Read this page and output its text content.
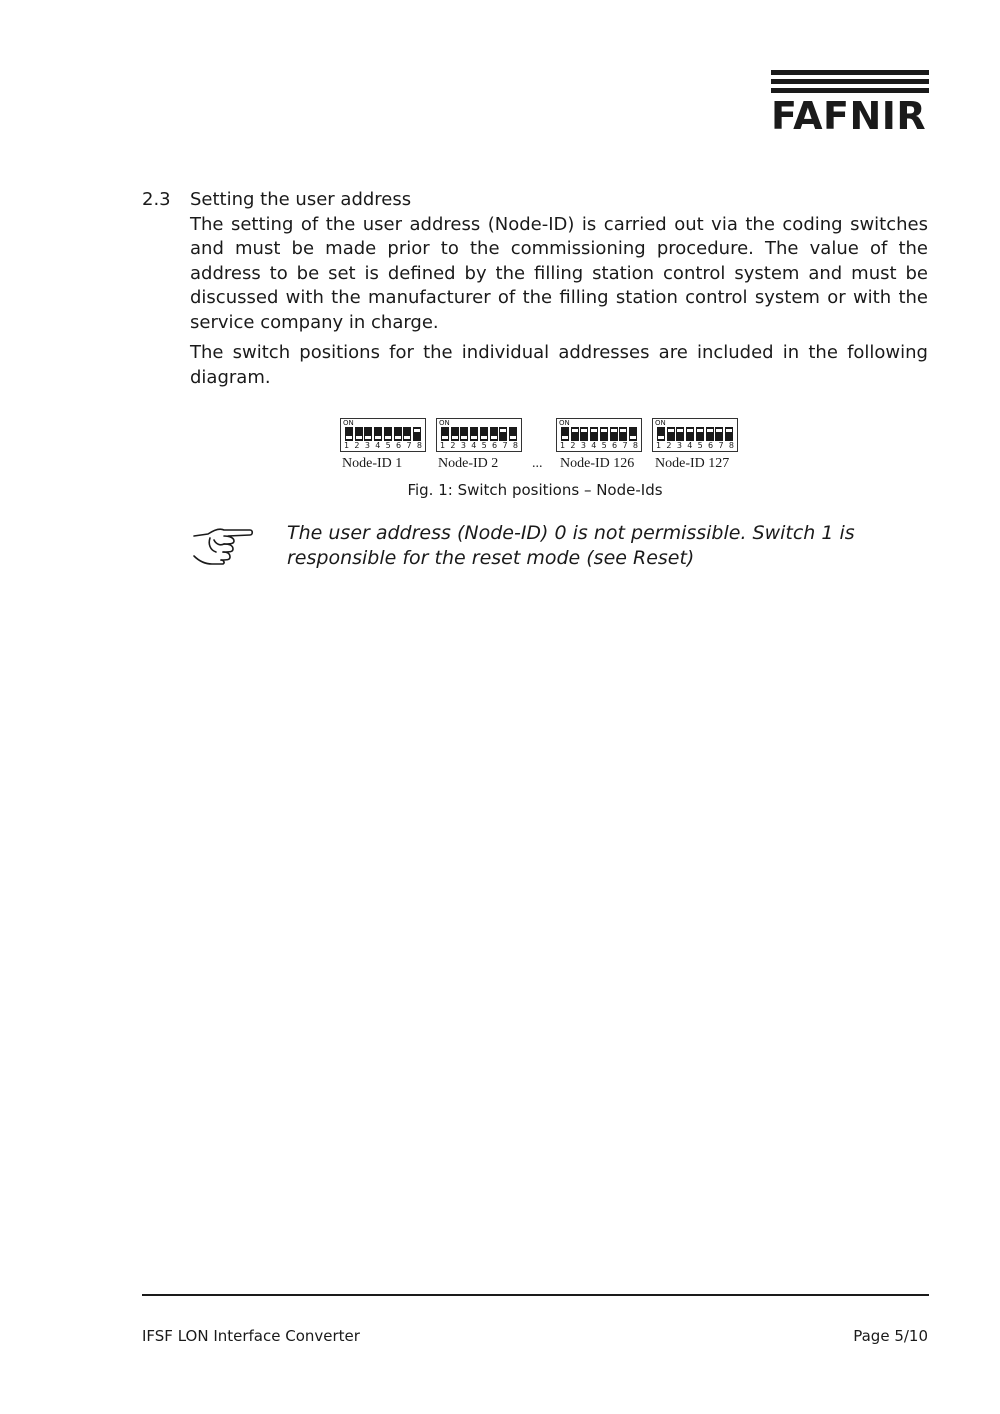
FAFNIR
2.3 Setting the user address

The setting of the user address (Node-ID) is carried out via the coding switches and must be made prior to the commissioning procedure. The value of the address to be set is defined by the filling station control system and must be discussed with the manufacturer of the filling station control system or with the service company in charge.

The switch positions for the individual addresses are included in the following diagram.

ON
1 2 3 4 5 6 7 8
Node-ID 1
ON
1 2 3 4 5 6 7 8
Node-ID 2
ON
1 2 3 4 5 6 7 8
Node-ID 126
ON
1 2 3 4 5 6 7 8
Node-ID 127
...
Fig. 1: Switch positions – Node-Ids
The user address (Node-ID) 0 is not permissible. Switch 1 is responsible for the reset mode (see Reset)
IFSF LON Interface Converter	Page 5/10
